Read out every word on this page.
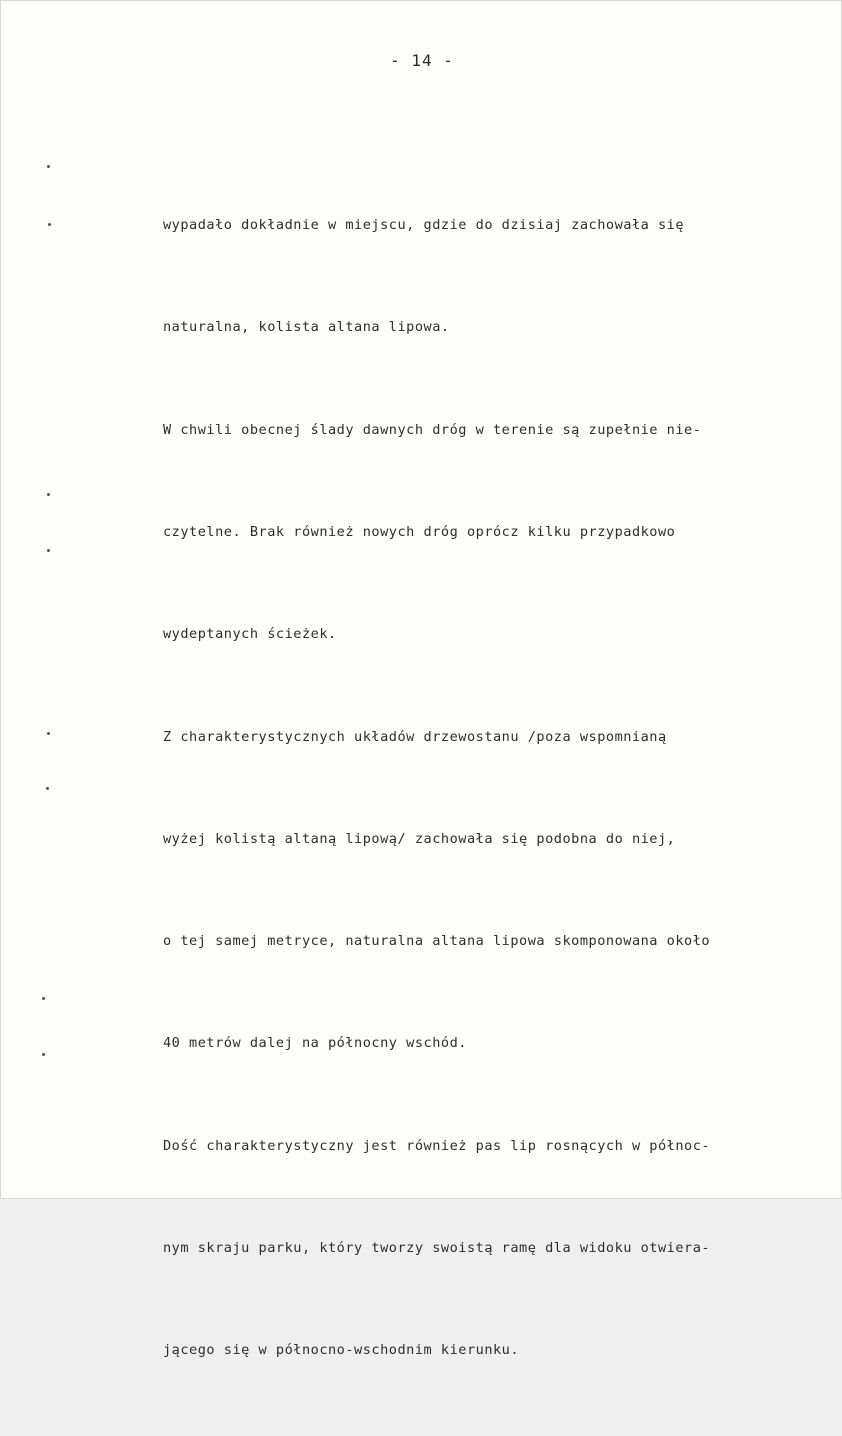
- 14 -

wypadało dokładnie w miejscu, gdzie do dzisiaj zachowała się

naturalna, kolista altana lipowa.

W chwili obecnej ślady dawnych dróg w terenie są zupełnie nie-

czytelne. Brak również nowych dróg oprócz kilku przypadkowo

wydeptanych ścieżek.

Z charakterystycznych układów drzewostanu /poza wspomnianą

wyżej kolistą altaną lipową/ zachowała się podobna do niej,

o tej samej metryce, naturalna altana lipowa skomponowana około

40 metrów dalej na północny wschód.

Dość charakterystyczny jest również pas lip rosnących w północ-

nym skraju parku, który tworzy swoistą ramę dla widoku otwiera-

jącego się w północno-wschodnim kierunku.
